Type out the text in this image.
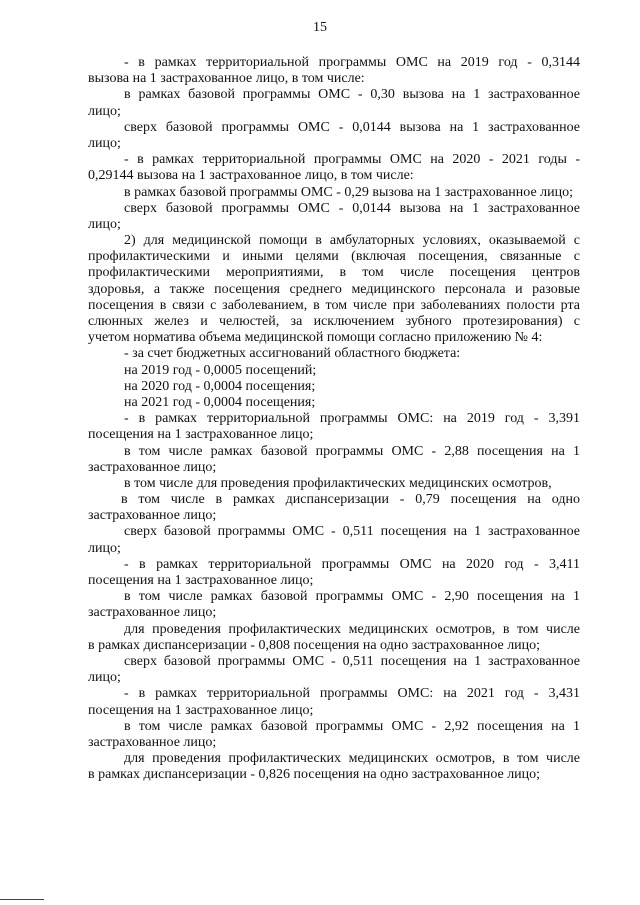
15
- в рамках территориальной программы ОМС на 2019 год - 0,3144
вызова на 1 застрахованное лицо, в том числе:
в рамках базовой программы ОМС - 0,30 вызова на 1 застрахованное
лицо;
сверх базовой программы ОМС - 0,0144 вызова на 1 застрахованное
лицо;
- в рамках территориальной программы ОМС на 2020 - 2021 годы -
0,29144 вызова на 1 застрахованное лицо, в том числе:
в рамках базовой программы ОМС - 0,29 вызова на 1 застрахованное лицо;
сверх базовой программы ОМС - 0,0144 вызова на 1 застрахованное
лицо;
2) для медицинской помощи в амбулаторных условиях, оказываемой с
профилактическими и иными целями (включая посещения, связанные с
профилактическими мероприятиями, в том числе посещения центров
здоровья, а также посещения среднего медицинского персонала и разовые
посещения в связи с заболеванием, в том числе при заболеваниях полости рта
слюнных желез и челюстей, за исключением зубного протезирования) с
учетом норматива объема медицинской помощи согласно приложению № 4:
- за счет бюджетных ассигнований областного бюджета:
на 2019 год - 0,0005 посещений;
на 2020 год - 0,0004 посещения;
на 2021 год - 0,0004 посещения;
- в рамках территориальной программы ОМС: на 2019 год - 3,391
посещения на 1 застрахованное лицо;
в том числе рамках базовой программы ОМС - 2,88 посещения на 1
застрахованное лицо;
в том числе для проведения профилактических медицинских осмотров,
в том числе в рамках диспансеризации - 0,79 посещения на одно
застрахованное лицо;
сверх базовой программы ОМС - 0,511 посещения на 1 застрахованное
лицо;
- в рамках территориальной программы ОМС на 2020 год - 3,411
посещения на 1 застрахованное лицо;
в том числе рамках базовой программы ОМС - 2,90 посещения на 1
застрахованное лицо;
для проведения профилактических медицинских осмотров, в том числе
в рамках диспансеризации - 0,808 посещения на одно застрахованное лицо;
сверх базовой программы ОМС - 0,511 посещения на 1 застрахованное
лицо;
- в рамках территориальной программы ОМС: на 2021 год - 3,431
посещения на 1 застрахованное лицо;
в том числе рамках базовой программы ОМС - 2,92 посещения на 1
застрахованное лицо;
для проведения профилактических медицинских осмотров, в том числе
в рамках диспансеризации - 0,826 посещения на одно застрахованное лицо;
